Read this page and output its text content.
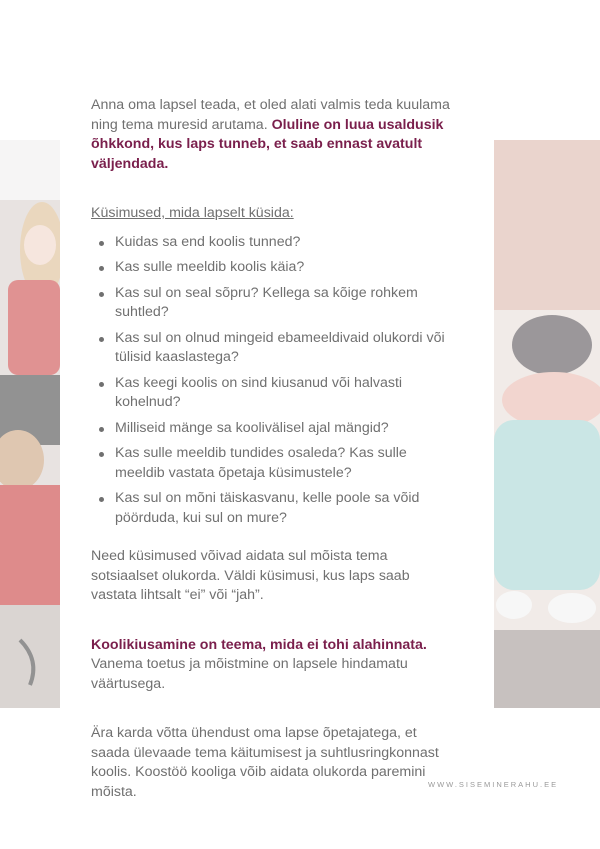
Anna oma lapsel teada, et oled alati valmis teda kuulama ning tema muresid arutama. Oluline on luua usaldusik õhkkond, kus laps tunneb, et saab ennast avatult väljendada.

Küsimused, mida lapselt küsida:

Kuidas sa end koolis tunned?
Kas sulle meeldib koolis käia?
Kas sul on seal sõpru? Kellega sa kõige rohkem suhtled?
Kas sul on olnud mingeid ebameeldivaid olukordi või tülisid kaaslastega?
Kas keegi koolis on sind kiusanud või halvasti kohelnud?
Milliseid mänge sa koolivälisel ajal mängid?
Kas sulle meeldib tundides osaleda? Kas sulle meeldib vastata õpetaja küsimustele?
Kas sul on mõni täiskasvanu, kelle poole sa võid pöörduda, kui sul on mure?

Need küsimused võivad aidata sul mõista tema sotsiaalset olukorda. Väldi küsimusi, kus laps saab vastata lihtsalt “ei” või “jah”.

Koolikiusamine on teema, mida ei tohi alahinnata. Vanema toetus ja mõistmine on lapsele hindamatu väärtusega.

Ära karda võtta ühendust oma lapse õpetajatega, et saada ülevaade tema käitumisest ja suhtlusringkonnast koolis. Koostöö kooliga võib aidata olukorda paremini mõista.	WWW.SISEMINERAHU.EE
